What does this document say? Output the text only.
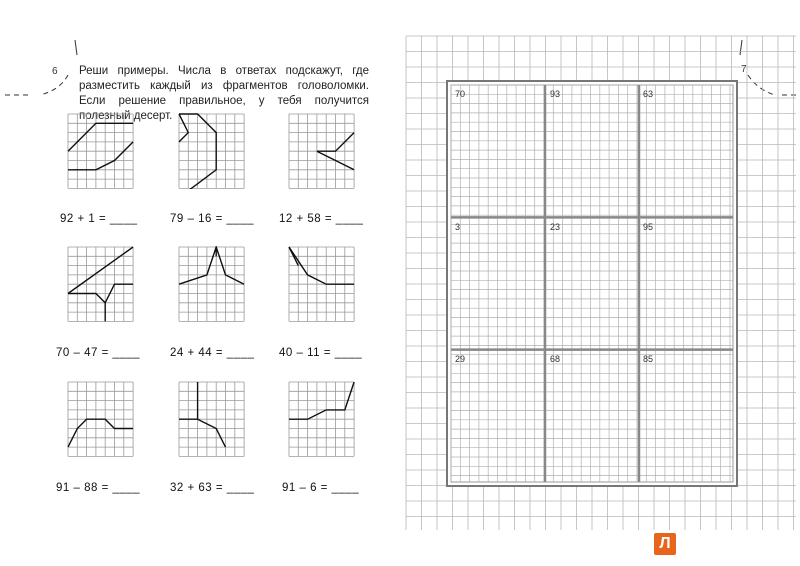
6	7
Реши примеры. Числа в ответах подскажут, где разместить каждый из фрагментов головоломки. Если решение правильное, у тебя получится полезный десерт.
92 + 1 = ____	79 – 16 = ____ 12 + 58 = ____
70 – 47 = ____	24 + 44 = ____ 40 – 11 = ____
91 – 88 = ____	32 + 63 = ____ 91 – 6 = ____
70	93	63
3	23	95
29	68	85
Л
